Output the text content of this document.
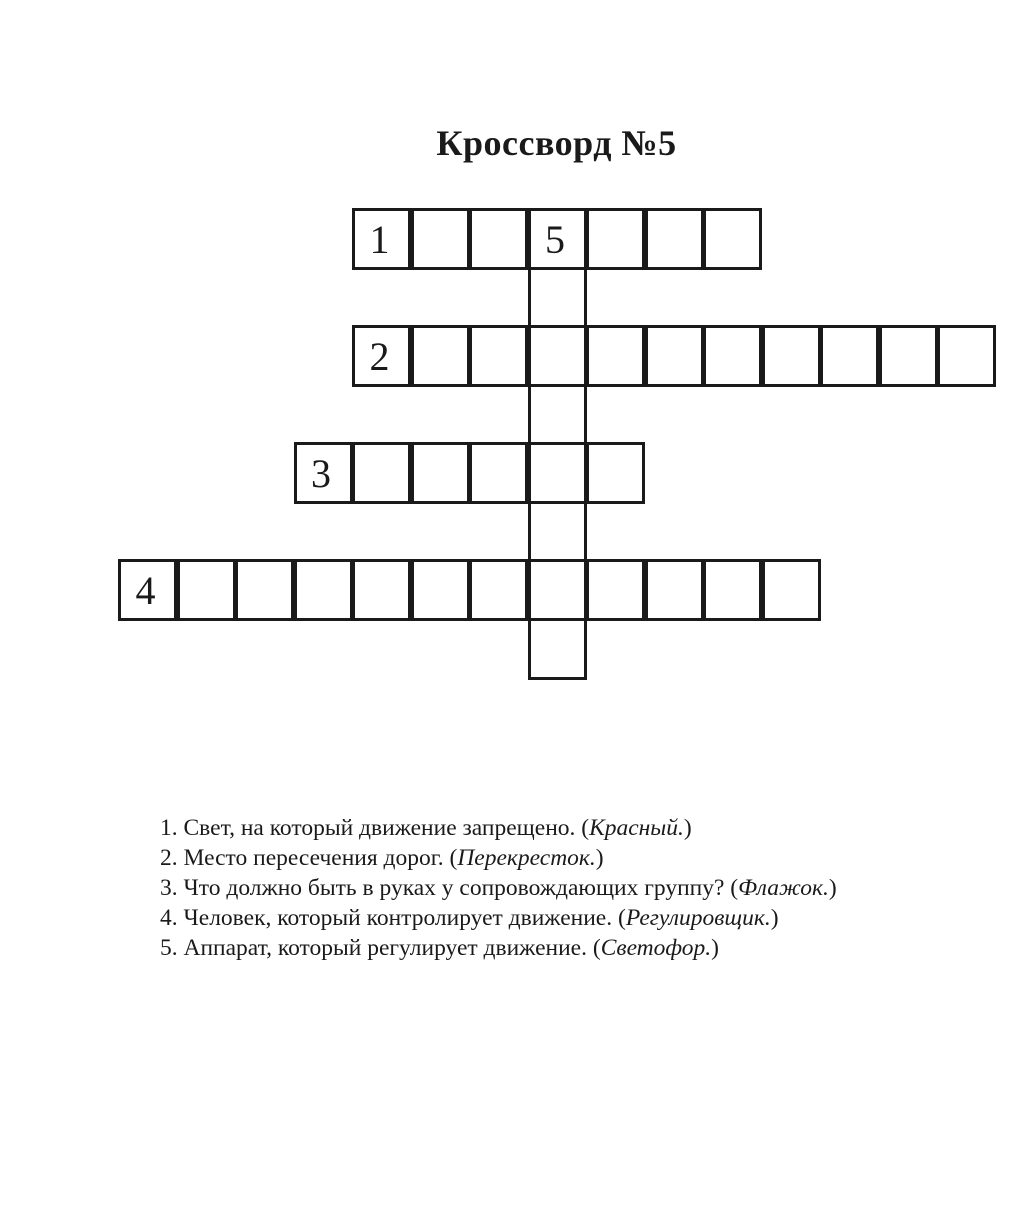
Кроссворд №5
5
1
2
3
4
1. Свет, на который движение запрещено. (Красный.)
2. Место пересечения дорог. (Перекресток.)
3. Что должно быть в руках у сопровождающих группу? (Флажок.)
4. Человек, который контролирует движение. (Регулировщик.)
5. Аппарат, который регулирует движение. (Светофор.)
